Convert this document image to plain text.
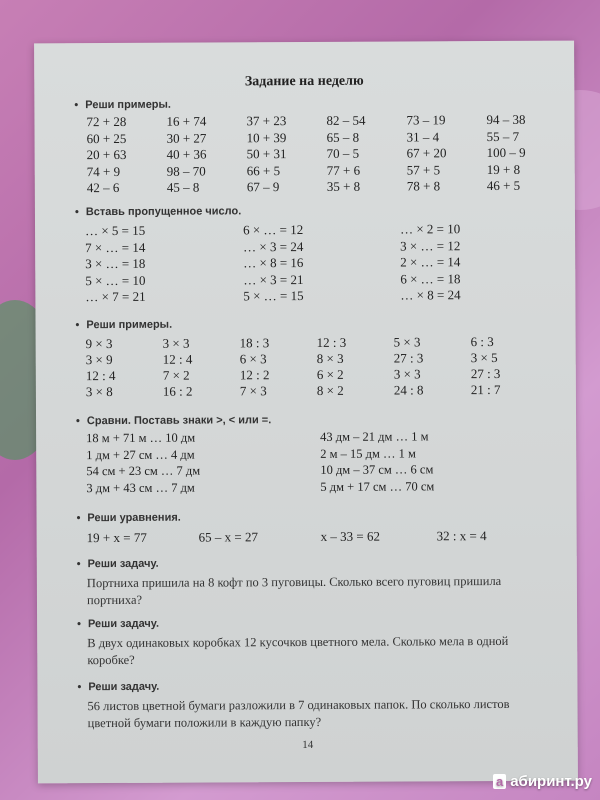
Задание на неделю
• Реши примеры.
72 + 28	16 + 74	37 + 23	82 – 54	73 – 19	94 – 38
60 + 25	30 + 27	10 + 39	65 – 8	31 – 4	55 – 7
20 + 63	40 + 36	50 + 31	70 – 5	67 + 20	100 – 9
74 + 9	98 – 70	66 + 5	77 + 6	57 + 5	19 + 8
42 – 6	45 – 8	67 – 9	35 + 8	78 + 8	46 + 5
• Вставь пропущенное число.
… × 5 = 15	6 × … = 12	… × 2 = 10
7 × … = 14	… × 3 = 24	3 × … = 12
3 × … = 18	… × 8 = 16	2 × … = 14
5 × … = 10	… × 3 = 21	6 × … = 18
… × 7 = 21	5 × … = 15	… × 8 = 24
• Реши примеры.
9 × 3	3 × 3	18 : 3	12 : 3	5 × 3	6 : 3
3 × 9	12 : 4	6 × 3	8 × 3	27 : 3	3 × 5
12 : 4	7 × 2	12 : 2	6 × 2	3 × 3	27 : 3
3 × 8	16 : 2	7 × 3	8 × 2	24 : 8	21 : 7
• Сравни. Поставь знаки >, < или =.
18 м + 71 м … 10 дм	43 дм – 21 дм … 1 м
1 дм + 27 см … 4 дм	2 м – 15 дм … 1 м
54 см + 23 см … 7 дм	10 дм – 37 см … 6 см
3 дм + 43 см … 7 дм	5 дм + 17 см … 70 см
• Реши уравнения.
19 + x = 77	65 – x = 27	x – 33 = 62	32 : x = 4
• Реши задачу.
Портниха пришила на 8 кофт по 3 пуговицы. Сколько всего пуговиц пришила портниха?
• Реши задачу.
В двух одинаковых коробках 12 кусочков цветного мела. Сколько мела в одной коробке?
• Реши задачу.
56 листов цветной бумаги разложили в 7 одинаковых папок. По сколько листов цветной бумаги положили в каждую папку?
14
a абиринт.ру
